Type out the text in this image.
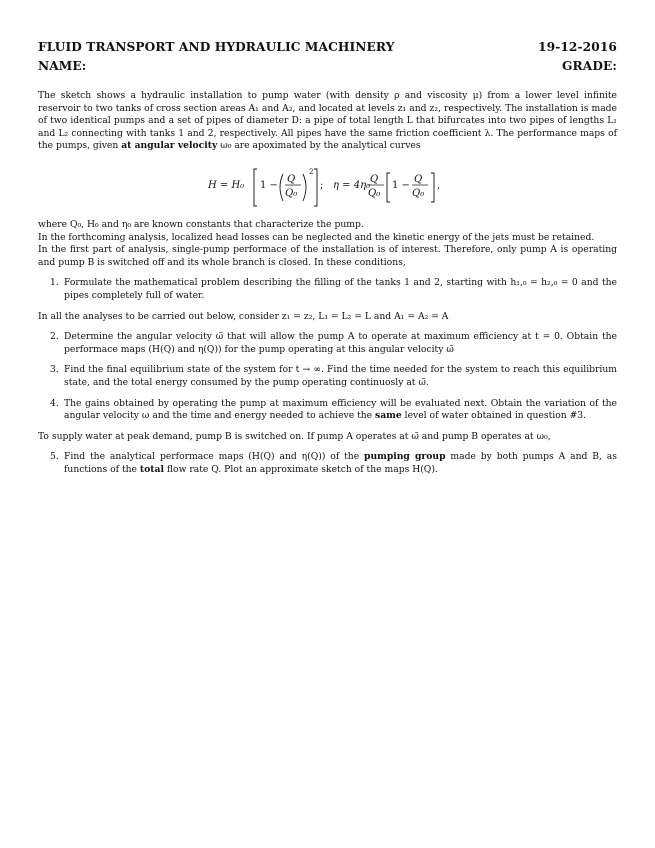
FLUID TRANSPORT AND HYDRAULIC MACHINERY	19-12-2016
NAME:	GRADE:

The sketch shows a hydraulic installation to pump water (with density ρ and viscosity μ) from a lower level infinite reservoir to two tanks of cross section areas A₁ and A₂, and located at levels z₁ and z₂, respectively. The installation is made of two identical pumps and a set of pipes of diameter D: a pipe of total length L that bifurcates into two pipes of lengths L₁ and L₂ connecting with tanks 1 and 2, respectively. All pipes have the same friction coefficient λ. The performance maps of the pumps, given at angular velocity ω₀ are apoximated by the analytical curves

H = H₀ 1 −
Q
Q₀
2
; η = 4η₀
Q
Q₀
1 −
Q
Q₀
,

where Q₀, H₀ and η₀ are known constants that characterize the pump.

In the forthcoming analysis, localized head losses can be neglected and the kinetic energy of the jets must be retained.

In the first part of analysis, single-pump performace of the installation is of interest. Therefore, only pump A is operating and pump B is switched off and its whole branch is closed. In these conditions,

1. Formulate the mathematical problem describing the filling of the tanks 1 and 2, starting with h₁,₀ = h₂,₀ = 0 and the pipes completely full of water.

In all the analyses to be carried out below, consider z₁ = z₂, L₁ = L₂ = L and A₁ = A₂ = A

2. Determine the angular velocity ω̃ that will allow the pump A to operate at maximum efficiency at t = 0. Obtain the performace maps (H(Q) and η(Q)) for the pump operating at this angular velocity ω̃
3. Find the final equilibrium state of the system for t → ∞. Find the time needed for the system to reach this equilibrium state, and the total energy consumed by the pump operating continuosly at ω̃.
4. The gains obtained by operating the pump at maximum efficiency will be evaluated next. Obtain the variation of the angular velocity ω and the time and energy needed to achieve the same level of water obtained in question #3.

To supply water at peak demand, pump B is switched on. If pump A operates at ω̃ and pump B operates at ω₀,

5. Find the analytical performace maps (H(Q) and η(Q)) of the pumping group made by both pumps A and B, as functions of the total flow rate Q. Plot an approximate sketch of the maps H(Q).
